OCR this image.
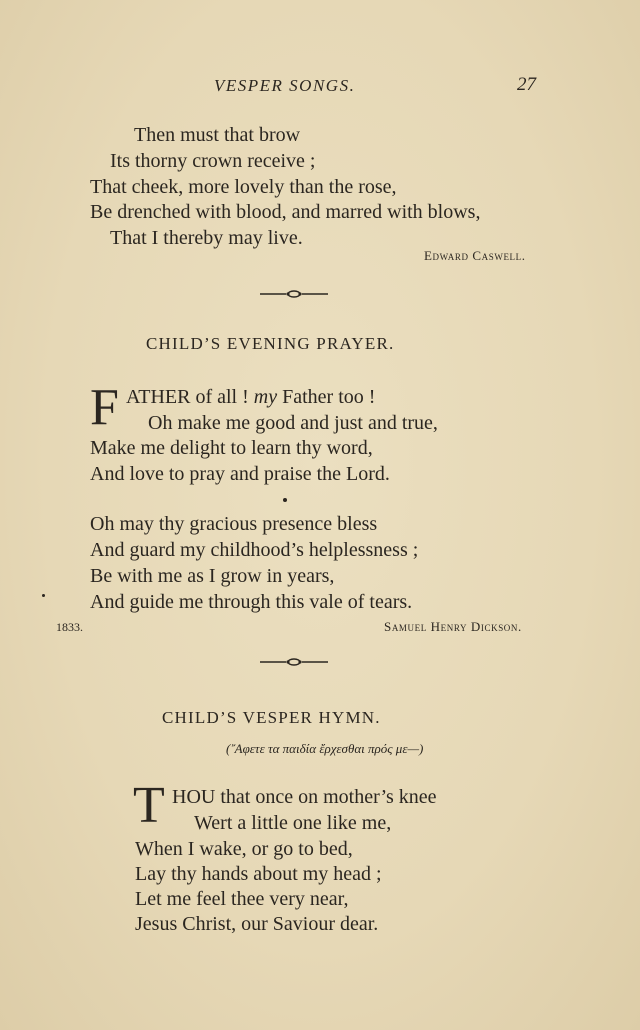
VESPER SONGS.	27
Then must that brow
Its thorny crown receive ;
That cheek, more lovely than the rose,
Be drenched with blood, and marred with blows,
That I thereby may live.
Edward Caswell.
CHILD’S EVENING PRAYER.
F ATHER of all ! my Father too !
Oh make me good and just and true,
Make me delight to learn thy word,
And love to pray and praise the Lord.
Oh may thy gracious presence bless
And guard my childhood’s helplessness ;
Be with me as I grow in years,
And guide me through this vale of tears.
1833.	Samuel Henry Dickson.
CHILD’S VESPER HYMN.
(῎Αφετε τα παιδία ἔρχεσθαι πρός με—)
T HOU that once on mother’s knee
Wert a little one like me,
When I wake, or go to bed,
Lay thy hands about my head ;
Let me feel thee very near,
Jesus Christ, our Saviour dear.
